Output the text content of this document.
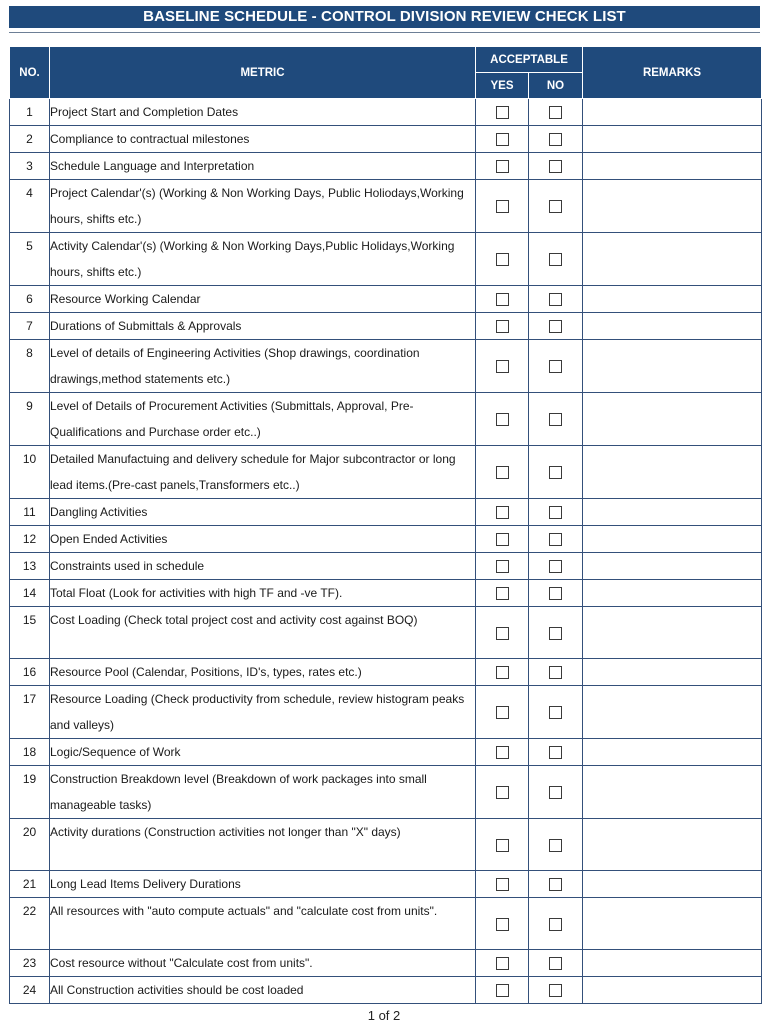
BASELINE SCHEDULE - CONTROL DIVISION REVIEW CHECK LIST
NO.	METRIC	ACCEPTABLE		REMARKS
		YES	NO	
1	Project Start and Completion Dates			
2	Compliance to contractual milestones			
3	Schedule Language and Interpretation			
4	Project Calendar'(s) (Working & Non Working Days, Public Holiodays,Working hours, shifts etc.)			
5	Activity Calendar'(s) (Working & Non Working Days,Public Holidays,Working hours, shifts etc.)			
6	Resource Working Calendar			
7	Durations of Submittals & Approvals			
8	Level of details of Engineering Activities (Shop drawings, coordination drawings,method statements etc.)			
9	Level of Details of Procurement Activities (Submittals, Approval, Pre-Qualifications and Purchase order etc..)			
10	Detailed Manufactuing and delivery schedule for Major subcontractor or long lead items.(Pre-cast panels,Transformers etc..)			
11	Dangling Activities			
12	Open Ended Activities			
13	Constraints used in schedule			
14	Total Float (Look for activities with high TF and -ve TF).			
15	Cost Loading (Check total project cost and activity cost against BOQ)			
16	Resource Pool (Calendar, Positions, ID's, types, rates etc.)			
17	Resource Loading (Check productivity from schedule, review histogram peaks and valleys)			
18	Logic/Sequence of Work			
19	Construction Breakdown level (Breakdown of work packages into small manageable tasks)			
20	Activity durations (Construction activities not longer than "X" days)			
21	Long Lead Items Delivery Durations			
22	All resources with "auto compute actuals" and "calculate cost from units".			
23	Cost resource without "Calculate cost from units".			
24	All Construction activities should be cost loaded			
1 of 2
